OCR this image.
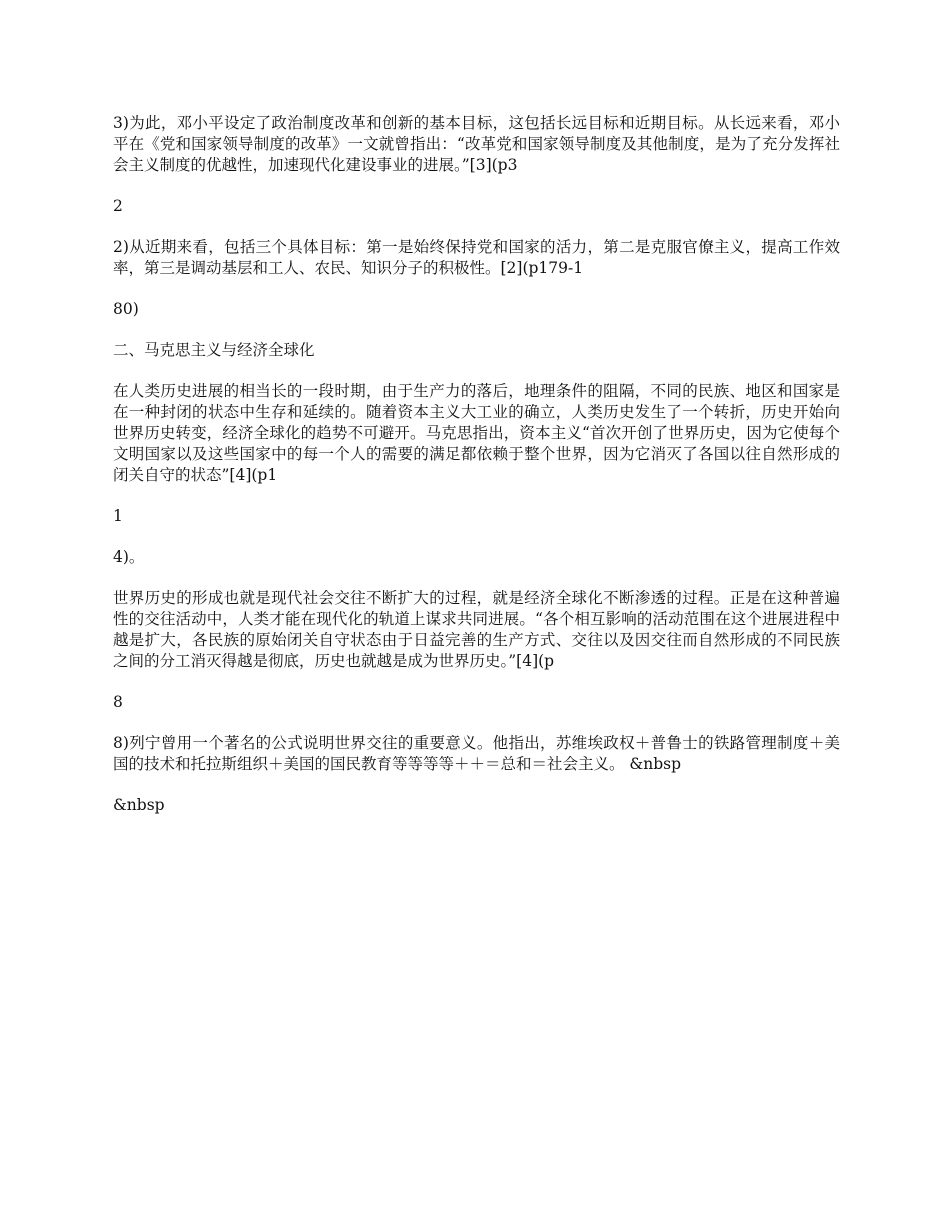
3)为此，邓小平设定了政治制度改革和创新的基本目标，这包括长远目标和近期目标。从长远来看，邓小平在《党和国家领导制度的改革》一文就曾指出：“改革党和国家领导制度及其他制度，是为了充分发挥社会主义制度的优越性，加速现代化建设事业的进展。”[3](p3

2

2)从近期来看，包括三个具体目标：第一是始终保持党和国家的活力，第二是克服官僚主义，提高工作效率，第三是调动基层和工人、农民、知识分子的积极性。[2](p179-1

80)

二、马克思主义与经济全球化

在人类历史进展的相当长的一段时期，由于生产力的落后，地理条件的阻隔，不同的民族、地区和国家是在一种封闭的状态中生存和延续的。随着资本主义大工业的确立，人类历史发生了一个转折，历史开始向世界历史转变，经济全球化的趋势不可避开。马克思指出，资本主义“首次开创了世界历史，因为它使每个文明国家以及这些国家中的每一个人的需要的满足都依赖于整个世界，因为它消灭了各国以往自然形成的闭关自守的状态”[4](p1

1

4)。

世界历史的形成也就是现代社会交往不断扩大的过程，就是经济全球化不断渗透的过程。正是在这种普遍性的交往活动中，人类才能在现代化的轨道上谋求共同进展。“各个相互影响的活动范围在这个进展进程中越是扩大，各民族的原始闭关自守状态由于日益完善的生产方式、交往以及因交往而自然形成的不同民族之间的分工消灭得越是彻底，历史也就越是成为世界历史。”[4](p

8

8)列宁曾用一个著名的公式说明世界交往的重要意义。他指出，苏维埃政权＋普鲁士的铁路管理制度＋美国的技术和托拉斯组织＋美国的国民教育等等等等＋＋＝总和＝社会主义。 &nbsp

&nbsp
